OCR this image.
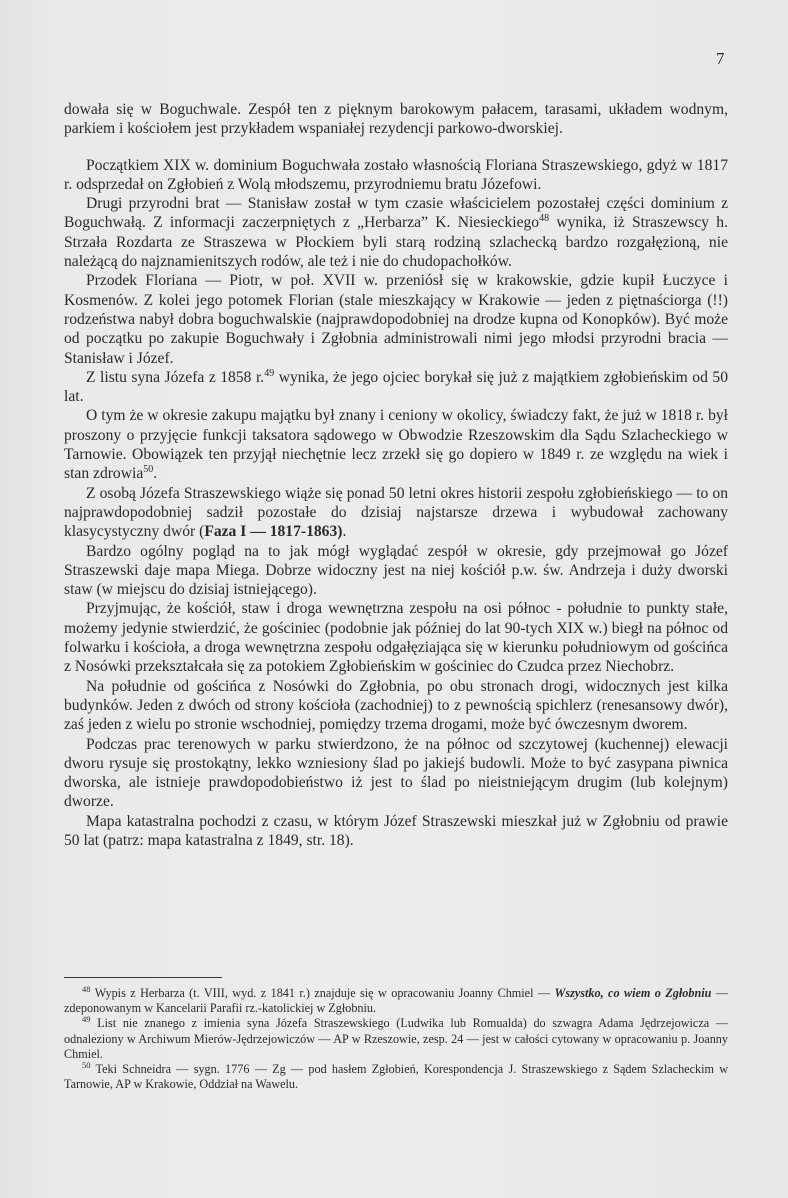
7

dowała się w Boguchwale. Zespół ten z pięknym barokowym pałacem, tarasami, układem wodnym, parkiem i kościołem jest przykładem wspaniałej rezydencji parkowo-dworskiej.

Początkiem XIX w. dominium Boguchwała zostało własnością Floriana Straszewskiego, gdyż w 1817 r. odsprzedał on Zgłobień z Wolą młodszemu, przyrodniemu bratu Józefowi.

Drugi przyrodni brat — Stanisław został w tym czasie właścicielem pozostałej części dominium z Boguchwałą. Z informacji zaczerpniętych z „Herbarza” K. Niesieckiego$^{48}$ wynika, iż Straszewscy h. Strzała Rozdarta ze Straszewa w Płockiem byli starą rodziną szlachecką bardzo rozgałęzioną, nie należącą do najznamienitszych rodów, ale też i nie do chudopachołków.

Przodek Floriana — Piotr, w poł. XVII w. przeniósł się w krakowskie, gdzie kupił Łuczyce i Kosmenów. Z kolei jego potomek Florian (stale mieszkający w Krakowie — jeden z piętnaściorga (!!) rodzeństwa nabył dobra boguchwalskie (najprawdopodobniej na drodze kupna od Konopków). Być może od początku po zakupie Boguchwały i Zgłobnia administrowali nimi jego młodsi przyrodni bracia — Stanisław i Józef.

Z listu syna Józefa z 1858 r.$^{49}$ wynika, że jego ojciec borykał się już z majątkiem zgłobieńskim od 50 lat.

O tym że w okresie zakupu majątku był znany i ceniony w okolicy, świadczy fakt, że już w 1818 r. był proszony o przyjęcie funkcji taksatora sądowego w Obwodzie Rzeszowskim dla Sądu Szlacheckiego w Tarnowie. Obowiązek ten przyjął niechętnie lecz zrzekł się go dopiero w 1849 r. ze względu na wiek i stan zdrowia$^{50}$.

Z osobą Józefa Straszewskiego wiąże się ponad 50 letni okres historii zespołu zgłobieńskiego — to on najprawdopodobniej sadził pozostałe do dzisiaj najstarsze drzewa i wybudował zachowany klasycystyczny dwór (Faza I — 1817-1863).

Bardzo ogólny pogląd na to jak mógł wyglądać zespół w okresie, gdy przejmował go Józef Straszewski daje mapa Miega. Dobrze widoczny jest na niej kościół p.w. św. Andrzeja i duży dworski staw (w miejscu do dzisiaj istniejącego).

Przyjmując, że kościół, staw i droga wewnętrzna zespołu na osi północ - południe to punkty stałe, możemy jedynie stwierdzić, że gościniec (podobnie jak później do lat 90-tych XIX w.) biegł na północ od folwarku i kościoła, a droga wewnętrzna zespołu odgałęziająca się w kierunku południowym od gościńca z Nosówki przekształcała się za potokiem Zgłobieńskim w gościniec do Czudca przez Niechobrz.

Na południe od gościńca z Nosówki do Zgłobnia, po obu stronach drogi, widocznych jest kilka budynków. Jeden z dwóch od strony kościoła (zachodniej) to z pewnością spichlerz (renesansowy dwór), zaś jeden z wielu po stronie wschodniej, pomiędzy trzema drogami, może być ówczesnym dworem.

Podczas prac terenowych w parku stwierdzono, że na północ od szczytowej (kuchennej) elewacji dworu rysuje się prostokątny, lekko wzniesiony ślad po jakiejś budowli. Może to być zasypana piwnica dworska, ale istnieje prawdopodobieństwo iż jest to ślad po nieistniejącym drugim (lub kolejnym) dworze.

Mapa katastralna pochodzi z czasu, w którym Józef Straszewski mieszkał już w Zgłobniu od prawie 50 lat (patrz: mapa katastralna z 1849, str. 18).

$^{48}$ Wypis z Herbarza (t. VIII, wyd. z 1841 r.) znajduje się w opracowaniu Joanny Chmiel — Wszystko, co wiem o Zgłobniu — zdeponowanym w Kancelarii Parafii rz.-katolickiej w Zgłobniu.

$^{49}$ List nie znanego z imienia syna Józefa Straszewskiego (Ludwika lub Romualda) do szwagra Adama Jędrzejowicza — odnaleziony w Archiwum Mierów-Jędrzejowiczów — AP w Rzeszowie, zesp. 24 — jest w całości cytowany w opracowaniu p. Joanny Chmiel.

$^{50}$ Teki Schneidra — sygn. 1776 — Zg — pod hasłem Zgłobień, Korespondencja J. Straszewskiego z Sądem Szlacheckim w Tarnowie, AP w Krakowie, Oddział na Wawelu.
